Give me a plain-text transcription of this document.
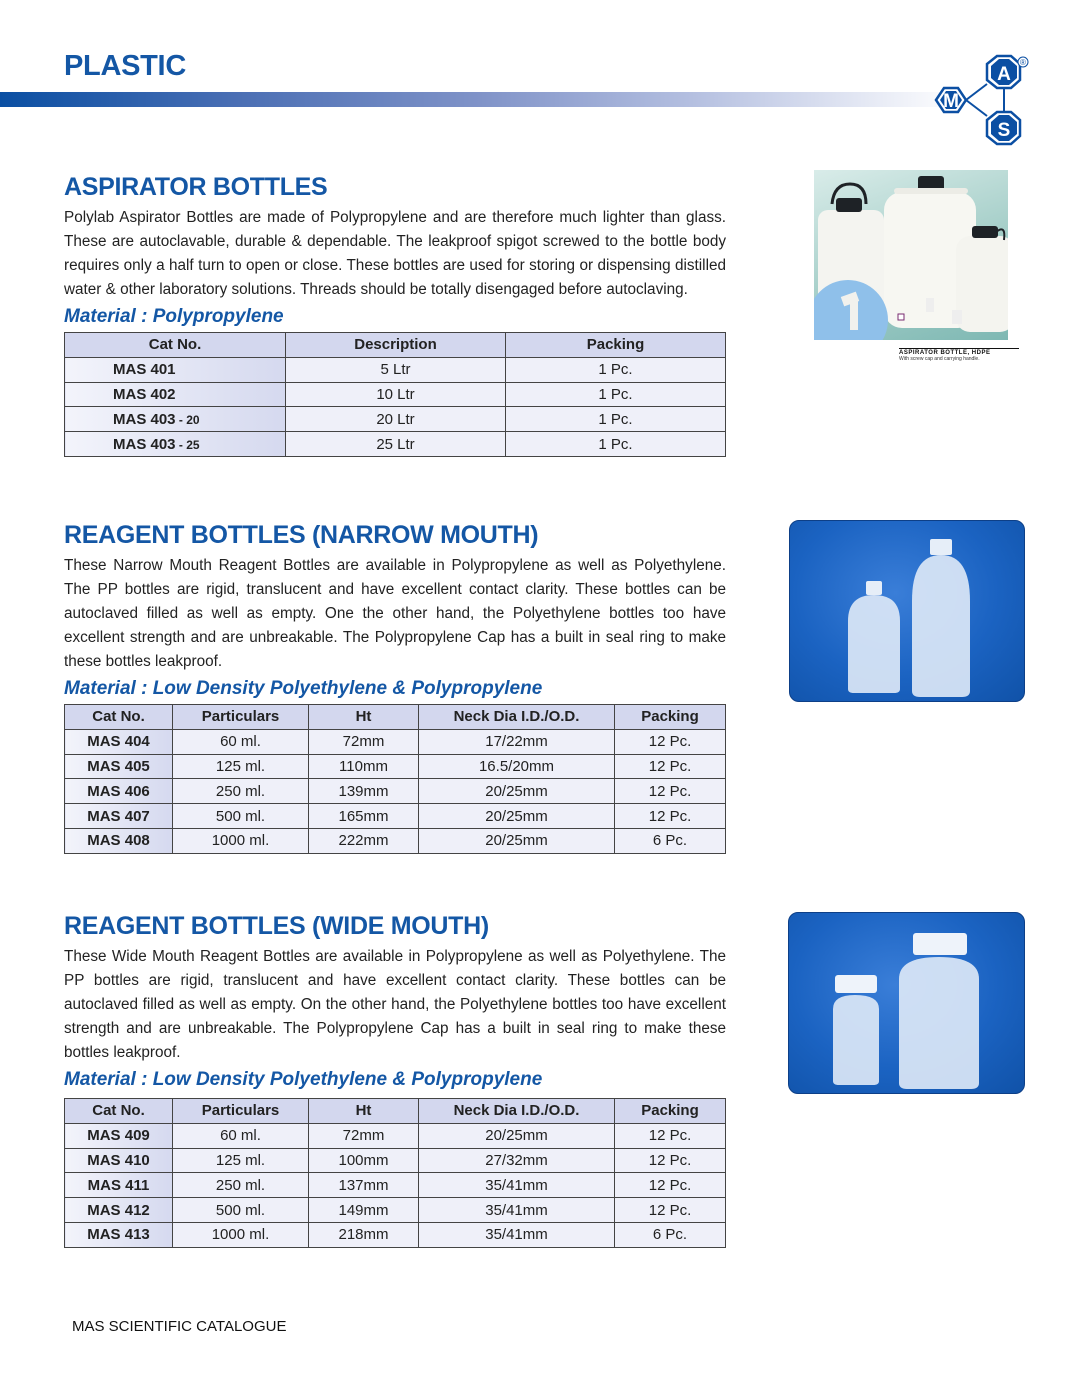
PLASTIC	A
M
S
®
ASPIRATOR BOTTLES

Polylab Aspirator Bottles are made of Polypropylene and are therefore much lighter than glass. These are autoclavable, durable & dependable. The leakproof spigot screwed to the bottle body requires only a half turn to open or close. These bottles are used for storing or dispensing distilled water & other laboratory solutions. Threads should be totally disengaged before autoclaving.

Material : Polypropylene
Cat No.	Description	Packing
MAS 401	5 Ltr	1 Pc.
MAS 402	10 Ltr	1 Pc.
MAS 403 - 20	20 Ltr	1 Pc.
MAS 403 - 25	25 Ltr	1 Pc.
ASPIRATOR BOTTLE, HDPE
With screw cap and carrying handle.
REAGENT BOTTLES (NARROW MOUTH)

These Narrow Mouth Reagent Bottles are available in Polypropylene as well as Polyethylene. The PP bottles are rigid, translucent and have excellent contact clarity. These bottles can be autoclaved filled as well as empty. One the other hand, the Polyethylene bottles too have excellent strength and are unbreakable. The Polypropylene Cap has a built in seal ring to make these bottles leakproof.

Material : Low Density Polyethylene & Polypropylene
Cat No.	Particulars	Ht	Neck Dia I.D./O.D.	Packing
MAS 404	60 ml.	72mm	17/22mm	12 Pc.
MAS 405	125 ml.	110mm	16.5/20mm	12 Pc.
MAS 406	250 ml.	139mm	20/25mm	12 Pc.
MAS 407	500 ml.	165mm	20/25mm	12 Pc.
MAS 408	1000 ml.	222mm	20/25mm	6 Pc.
REAGENT BOTTLES (WIDE MOUTH)

These Wide Mouth Reagent Bottles are available in Polypropylene as well as Polyethylene. The PP bottles are rigid, translucent and have excellent contact clarity. These bottles can be autoclaved filled as well as empty. On the other hand, the Polyethylene bottles too have excellent strength and are unbreakable. The Polypropylene Cap has a built in seal ring to make these bottles leakproof.

Material : Low Density Polyethylene & Polypropylene
Cat No.	Particulars	Ht	Neck Dia I.D./O.D.	Packing
MAS 409	60 ml.	72mm	20/25mm	12 Pc.
MAS 410	125 ml.	100mm	27/32mm	12 Pc.
MAS 411	250 ml.	137mm	35/41mm	12 Pc.
MAS 412	500 ml.	149mm	35/41mm	12 Pc.
MAS 413	1000 ml.	218mm	35/41mm	6 Pc.
MAS SCIENTIFIC CATALOGUE
